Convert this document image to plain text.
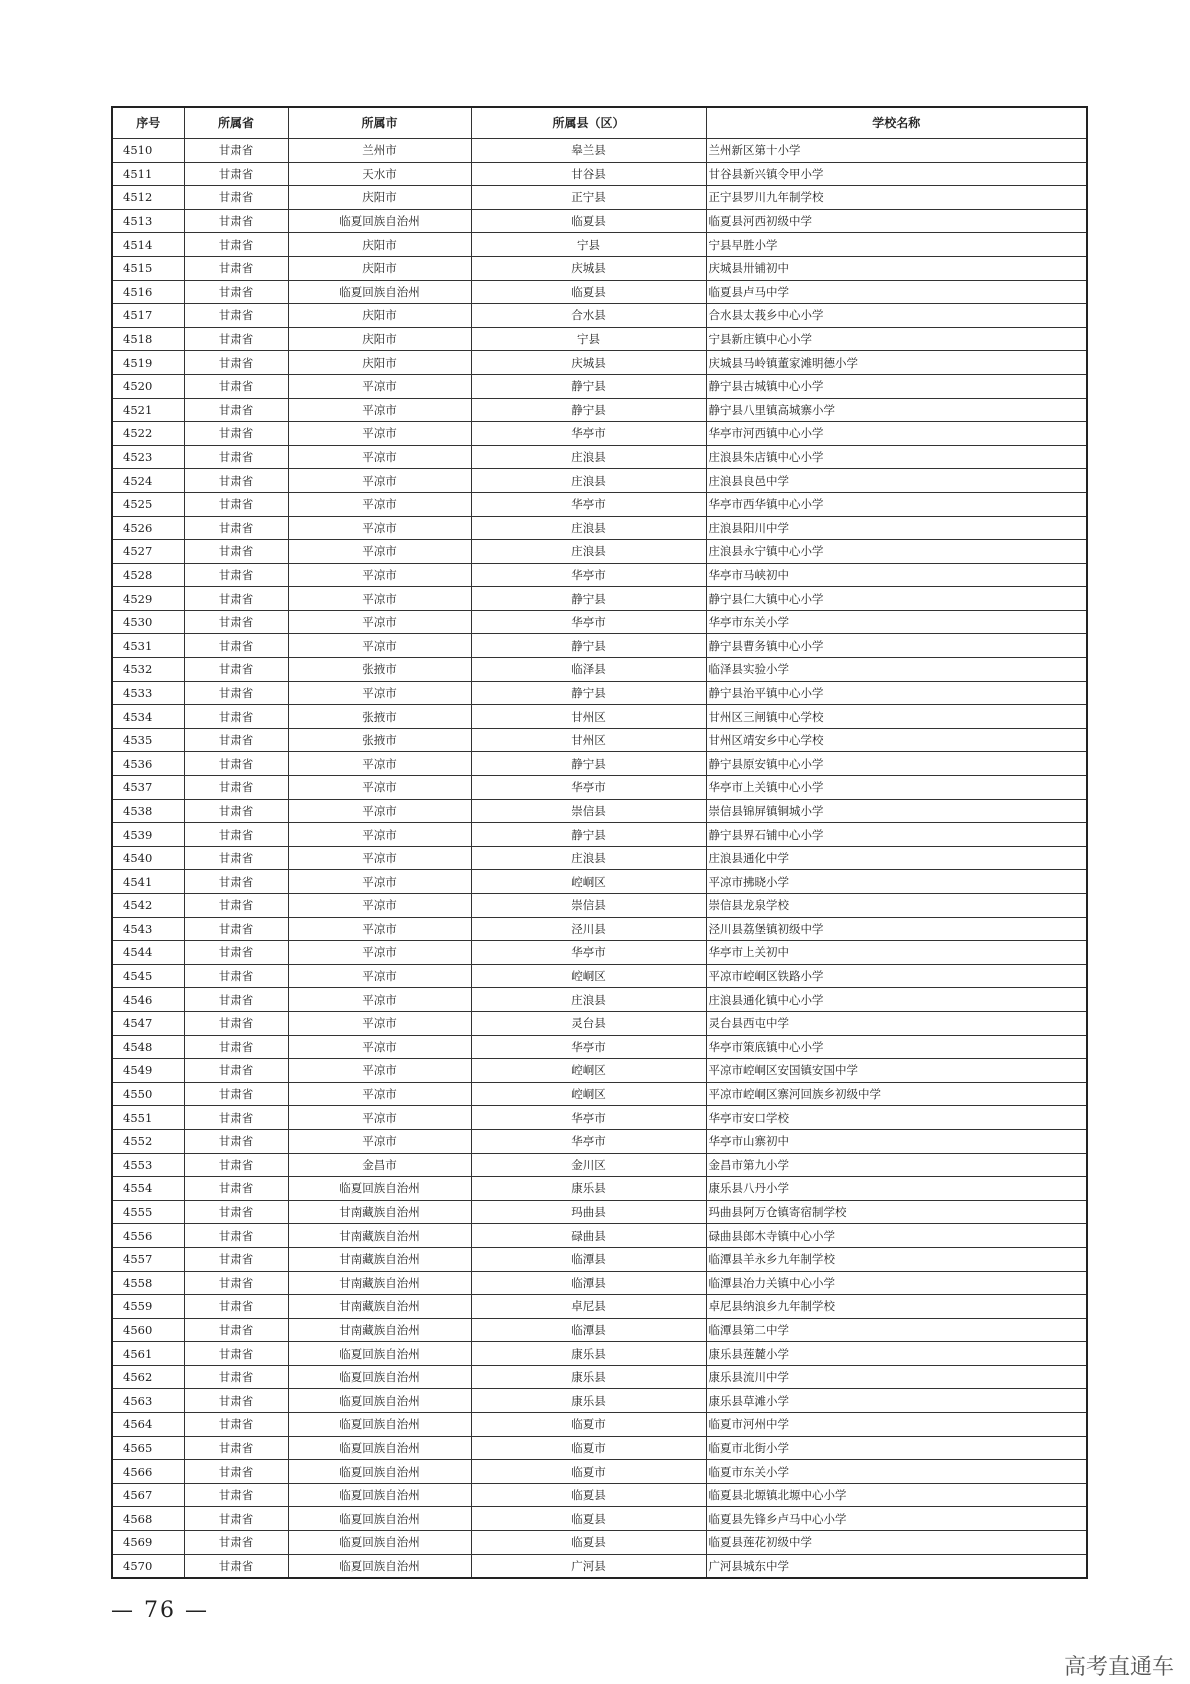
序号	所属省	所属市	所属县（区）	学校名称
4510	甘肃省	兰州市	皋兰县	兰州新区第十小学
4511	甘肃省	天水市	甘谷县	甘谷县新兴镇令甲小学
4512	甘肃省	庆阳市	正宁县	正宁县罗川九年制学校
4513	甘肃省	临夏回族自治州	临夏县	临夏县河西初级中学
4514	甘肃省	庆阳市	宁县	宁县早胜小学
4515	甘肃省	庆阳市	庆城县	庆城县卅铺初中
4516	甘肃省	临夏回族自治州	临夏县	临夏县卢马中学
4517	甘肃省	庆阳市	合水县	合水县太莪乡中心小学
4518	甘肃省	庆阳市	宁县	宁县新庄镇中心小学
4519	甘肃省	庆阳市	庆城县	庆城县马岭镇董家滩明德小学
4520	甘肃省	平凉市	静宁县	静宁县古城镇中心小学
4521	甘肃省	平凉市	静宁县	静宁县八里镇高城寨小学
4522	甘肃省	平凉市	华亭市	华亭市河西镇中心小学
4523	甘肃省	平凉市	庄浪县	庄浪县朱店镇中心小学
4524	甘肃省	平凉市	庄浪县	庄浪县良邑中学
4525	甘肃省	平凉市	华亭市	华亭市西华镇中心小学
4526	甘肃省	平凉市	庄浪县	庄浪县阳川中学
4527	甘肃省	平凉市	庄浪县	庄浪县永宁镇中心小学
4528	甘肃省	平凉市	华亭市	华亭市马峡初中
4529	甘肃省	平凉市	静宁县	静宁县仁大镇中心小学
4530	甘肃省	平凉市	华亭市	华亭市东关小学
4531	甘肃省	平凉市	静宁县	静宁县曹务镇中心小学
4532	甘肃省	张掖市	临泽县	临泽县实验小学
4533	甘肃省	平凉市	静宁县	静宁县治平镇中心小学
4534	甘肃省	张掖市	甘州区	甘州区三闸镇中心学校
4535	甘肃省	张掖市	甘州区	甘州区靖安乡中心学校
4536	甘肃省	平凉市	静宁县	静宁县原安镇中心小学
4537	甘肃省	平凉市	华亭市	华亭市上关镇中心小学
4538	甘肃省	平凉市	崇信县	崇信县锦屏镇铜城小学
4539	甘肃省	平凉市	静宁县	静宁县界石铺中心小学
4540	甘肃省	平凉市	庄浪县	庄浪县通化中学
4541	甘肃省	平凉市	崆峒区	平凉市拂晓小学
4542	甘肃省	平凉市	崇信县	崇信县龙泉学校
4543	甘肃省	平凉市	泾川县	泾川县荔堡镇初级中学
4544	甘肃省	平凉市	华亭市	华亭市上关初中
4545	甘肃省	平凉市	崆峒区	平凉市崆峒区铁路小学
4546	甘肃省	平凉市	庄浪县	庄浪县通化镇中心小学
4547	甘肃省	平凉市	灵台县	灵台县西屯中学
4548	甘肃省	平凉市	华亭市	华亭市策底镇中心小学
4549	甘肃省	平凉市	崆峒区	平凉市崆峒区安国镇安国中学
4550	甘肃省	平凉市	崆峒区	平凉市崆峒区寨河回族乡初级中学
4551	甘肃省	平凉市	华亭市	华亭市安口学校
4552	甘肃省	平凉市	华亭市	华亭市山寨初中
4553	甘肃省	金昌市	金川区	金昌市第九小学
4554	甘肃省	临夏回族自治州	康乐县	康乐县八丹小学
4555	甘肃省	甘南藏族自治州	玛曲县	玛曲县阿万仓镇寄宿制学校
4556	甘肃省	甘南藏族自治州	碌曲县	碌曲县郎木寺镇中心小学
4557	甘肃省	甘南藏族自治州	临潭县	临潭县羊永乡九年制学校
4558	甘肃省	甘南藏族自治州	临潭县	临潭县冶力关镇中心小学
4559	甘肃省	甘南藏族自治州	卓尼县	卓尼县纳浪乡九年制学校
4560	甘肃省	甘南藏族自治州	临潭县	临潭县第二中学
4561	甘肃省	临夏回族自治州	康乐县	康乐县莲麓小学
4562	甘肃省	临夏回族自治州	康乐县	康乐县流川中学
4563	甘肃省	临夏回族自治州	康乐县	康乐县草滩小学
4564	甘肃省	临夏回族自治州	临夏市	临夏市河州中学
4565	甘肃省	临夏回族自治州	临夏市	临夏市北街小学
4566	甘肃省	临夏回族自治州	临夏市	临夏市东关小学
4567	甘肃省	临夏回族自治州	临夏县	临夏县北塬镇北塬中心小学
4568	甘肃省	临夏回族自治州	临夏县	临夏县先锋乡卢马中心小学
4569	甘肃省	临夏回族自治州	临夏县	临夏县莲花初级中学
4570	甘肃省	临夏回族自治州	广河县	广河县城东中学
— 76 —
高考直通车
